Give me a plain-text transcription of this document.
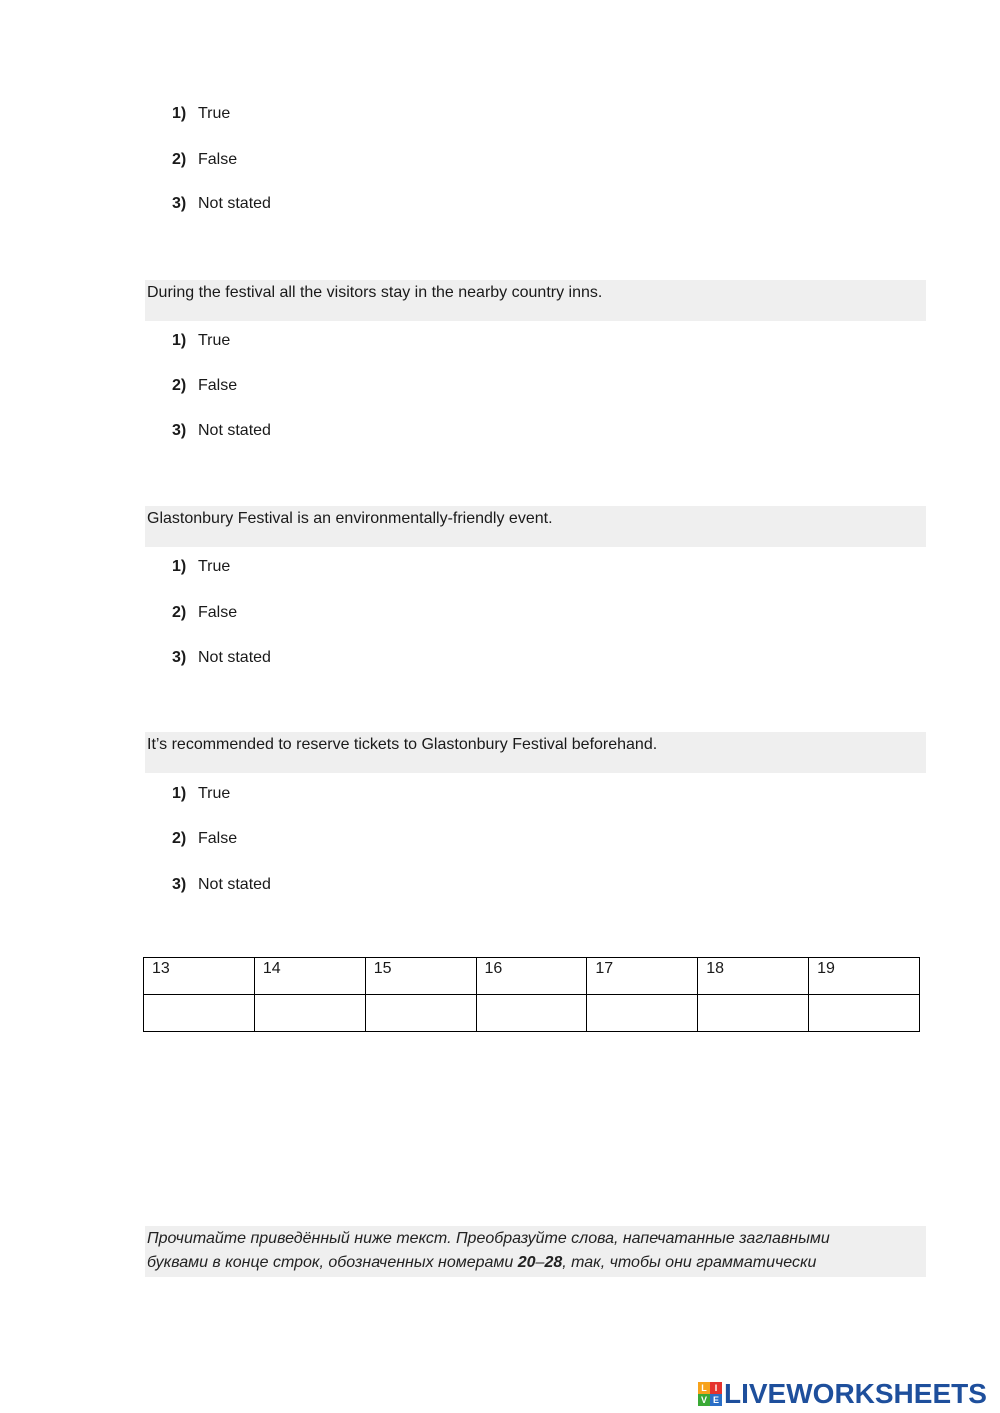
1) True
2) False
3) Not stated
During the festival all the visitors stay in the nearby country inns.
1) True
2) False
3) Not stated
Glastonbury Festival is an environmentally-friendly event.
1) True
2) False
3) Not stated
It’s recommended to reserve tickets to Glastonbury Festival beforehand.
1) True
2) False
3) Not stated
13	14	15	16	17	18	19

Прочитайте приведённый ниже текст. Преобразуйте слова, напечатанные заглавными
буквами в конце строк, обозначенных номерами 20–28, так, чтобы они грамматически
L I
V E LIVEWORKSHEETS
